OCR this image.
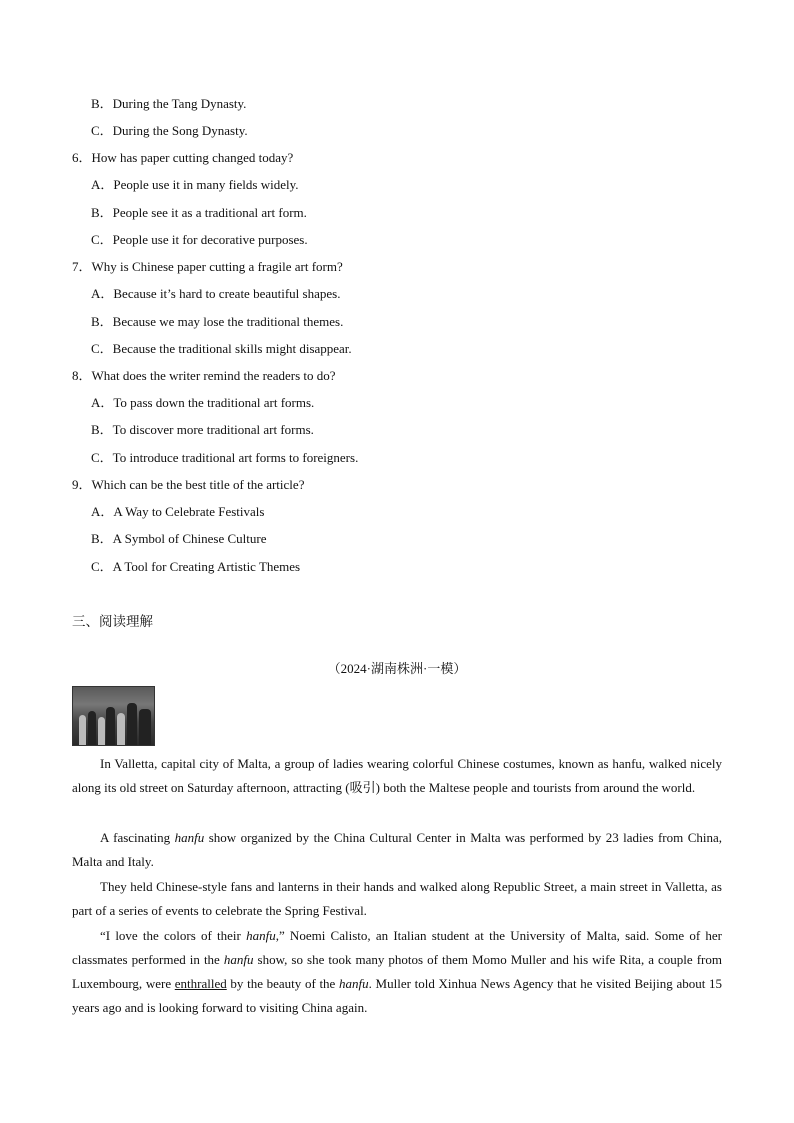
B．During the Tang Dynasty.
C．During the Song Dynasty.
6．How has paper cutting changed today?
A．People use it in many fields widely.
B．People see it as a traditional art form.
C．People use it for decorative purposes.
7．Why is Chinese paper cutting a fragile art form?
A．Because it’s hard to create beautiful shapes.
B．Because we may lose the traditional themes.
C．Because the traditional skills might disappear.
8．What does the writer remind the readers to do?
A．To pass down the traditional art forms.
B．To discover more traditional art forms.
C．To introduce traditional art forms to foreigners.
9．Which can be the best title of the article?
A．A Way to Celebrate Festivals
B．A Symbol of Chinese Culture
C．A Tool for Creating Artistic Themes
三、阅读理解
（2024·湖南株洲·一模）
In Valletta, capital city of Malta, a group of ladies wearing colorful Chinese costumes, known as hanfu, walked nicely along its old street on Saturday afternoon, attracting (吸引) both the Maltese people and tourists from around the world.
A fascinating hanfu show organized by the China Cultural Center in Malta was performed by 23 ladies from China, Malta and Italy.
They held Chinese-style fans and lanterns in their hands and walked along Republic Street, a main street in Valletta, as part of a series of events to celebrate the Spring Festival.
“I love the colors of their hanfu,” Noemi Calisto, an Italian student at the University of Malta, said. Some of her classmates performed in the hanfu show, so she took many photos of them Momo Muller and his wife Rita, a couple from Luxembourg, were enthralled by the beauty of the hanfu. Muller told Xinhua News Agency that he visited Beijing about 15 years ago and is looking forward to visiting China again.
